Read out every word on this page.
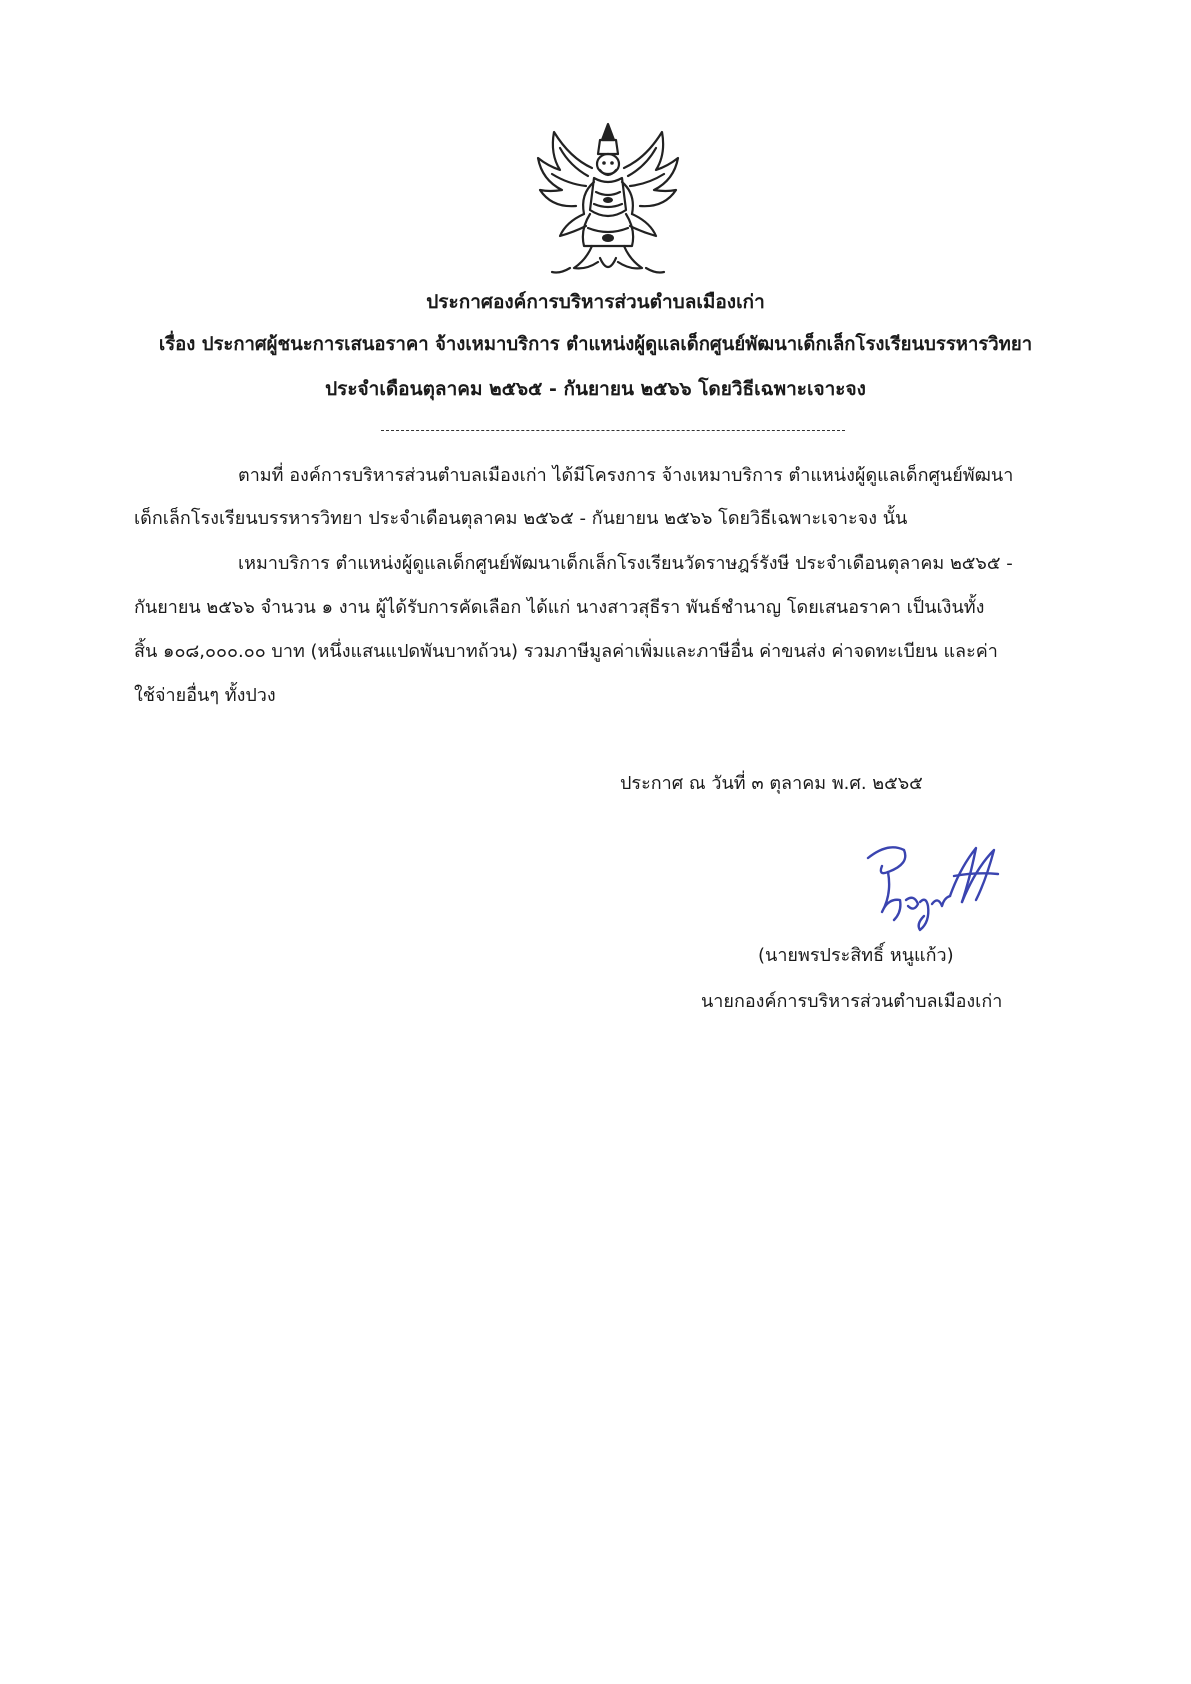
ประกาศองค์การบริหารส่วนตำบลเมืองเก่า
เรื่อง ประกาศผู้ชนะการเสนอราคา จ้างเหมาบริการ ตำแหน่งผู้ดูแลเด็กศูนย์พัฒนาเด็กเล็กโรงเรียนบรรหารวิทยา
ประจำเดือนตุลาคม ๒๕๖๕ - กันยายน ๒๕๖๖ โดยวิธีเฉพาะเจาะจง
ตามที่ องค์การบริหารส่วนตำบลเมืองเก่า ได้มีโครงการ จ้างเหมาบริการ ตำแหน่งผู้ดูแลเด็กศูนย์พัฒนา
เด็กเล็กโรงเรียนบรรหารวิทยา ประจำเดือนตุลาคม ๒๕๖๕ - กันยายน ๒๕๖๖ โดยวิธีเฉพาะเจาะจง นั้น
เหมาบริการ ตำแหน่งผู้ดูแลเด็กศูนย์พัฒนาเด็กเล็กโรงเรียนวัดราษฎร์รังษี ประจำเดือนตุลาคม ๒๕๖๕ -
กันยายน ๒๕๖๖ จำนวน ๑ งาน ผู้ได้รับการคัดเลือก ได้แก่ นางสาวสุธีรา พันธ์ชำนาญ โดยเสนอราคา เป็นเงินทั้ง
สิ้น ๑๐๘,๐๐๐.๐๐ บาท (หนึ่งแสนแปดพันบาทถ้วน) รวมภาษีมูลค่าเพิ่มและภาษีอื่น ค่าขนส่ง ค่าจดทะเบียน และค่า
ใช้จ่ายอื่นๆ ทั้งปวง
ประกาศ ณ วันที่ ๓ ตุลาคม พ.ศ. ๒๕๖๕
(นายพรประสิทธิ์ หนูแก้ว)
นายกองค์การบริหารส่วนตำบลเมืองเก่า
